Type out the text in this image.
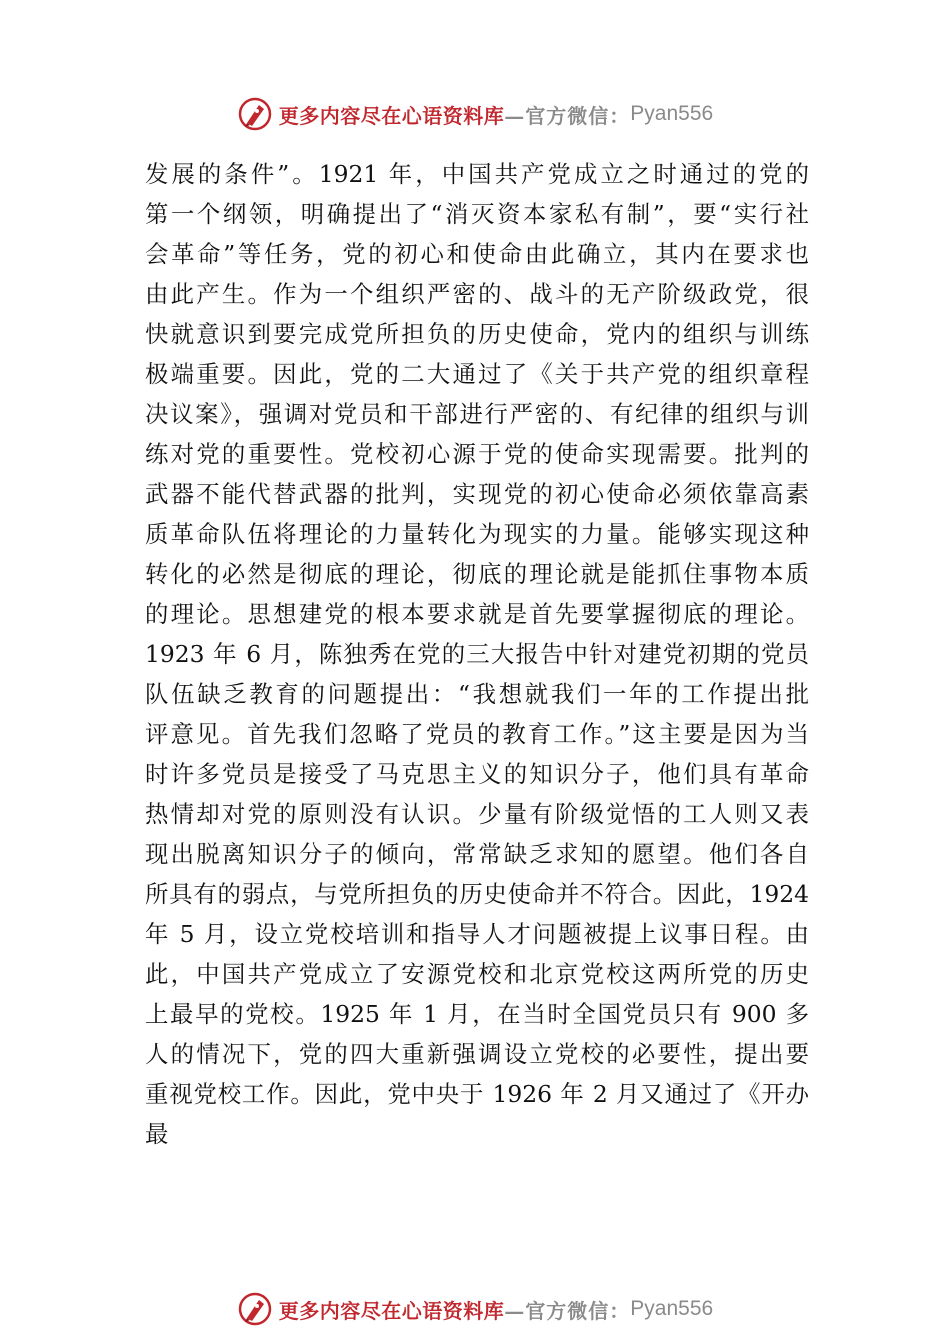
更多内容尽在心语资料库 —官方微信： Pyan556
发展的条件”。1921 年，中国共产党成立之时通过的党的
第一个纲领，明确提出了“消灭资本家私有制”，要“实行社
会革命”等任务，党的初心和使命由此确立，其内在要求也
由此产生。作为一个组织严密的、战斗的无产阶级政党，很
快就意识到要完成党所担负的历史使命，党内的组织与训练
极端重要。因此，党的二大通过了《关于共产党的组织章程
决议案》，强调对党员和干部进行严密的、有纪律的组织与训
练对党的重要性。党校初心源于党的使命实现需要。批判的
武器不能代替武器的批判，实现党的初心使命必须依靠高素
质革命队伍将理论的力量转化为现实的力量。能够实现这种
转化的必然是彻底的理论，彻底的理论就是能抓住事物本质
的理论。思想建党的根本要求就是首先要掌握彻底的理论。
1923 年 6 月，陈独秀在党的三大报告中针对建党初期的党员
队伍缺乏教育的问题提出：“我想就我们一年的工作提出批
评意见。首先我们忽略了党员的教育工作。”这主要是因为当
时许多党员是接受了马克思主义的知识分子，他们具有革命
热情却对党的原则没有认识。少量有阶级觉悟的工人则又表
现出脱离知识分子的倾向，常常缺乏求知的愿望。他们各自
所具有的弱点，与党所担负的历史使命并不符合。因此，1924
年 5 月，设立党校培训和指导人才问题被提上议事日程。由
此，中国共产党成立了安源党校和北京党校这两所党的历史
上最早的党校。1925 年 1 月，在当时全国党员只有 900 多
人的情况下，党的四大重新强调设立党校的必要性，提出要
重视党校工作。因此，党中央于 1926 年 2 月又通过了《开办
最
更多内容尽在心语资料库 —官方微信： Pyan556
